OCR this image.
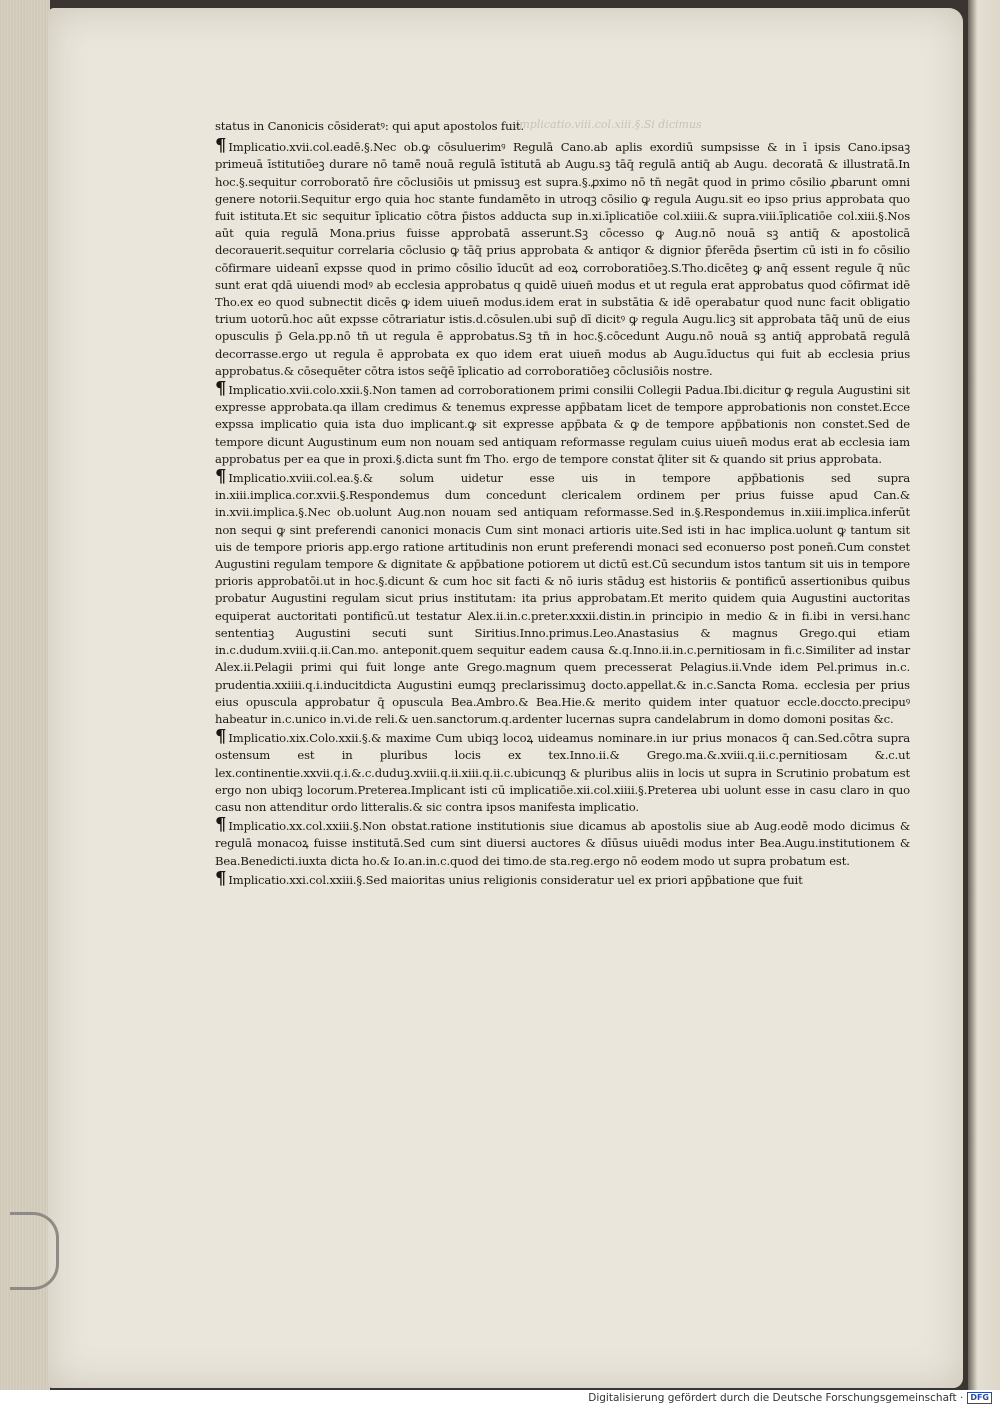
Implicatio.viii.col.xiii.§.Si dicimus

status in Canonicis cōsideratꝰ: qui aput apostolos fuit.

¶ Implicatio.xvii.col.eadē.§.Nec ob.ꝙ cōsuluerimꝰ Regulā Cano.ab aplis exordiū sumpsisse & in ī ipsis Cano.ipsaꝫ primeuā īstitutiōeꝫ durare nō tamē̄ nouā regulā īstitutā ab Augu.sꝫ tāq̄ regulā antiq̄ ab Augu. decoratā & illustratā.In hoc.§.sequitur corroboratō n̄re cōclusiōis ut pmissuꝫ est supra.§.ꝓximo nō tn̄ negāt quod in primo cōsilio ꝓbarunt omni genere notorii.Sequitur ergo quia hoc stante fundamēto in utroqꝫ cōsilio ꝙ regula Augu.sit eo ipso prius approbata quo fuit istituta.Et sic sequitur īplicatio cōtra p̄istos adducta sup in.xi.īplicatiōe col.xiiii.& supra.viii.īplicatiōe col.xiii.§.Nos aūt quia regulā Mona.prius fuisse approbatā asserunt.Sꝫ cōcesso ꝙ Aug.nō nouā sꝫ antiq̄ & apostolicā decorauerit.sequitur correlaria cōclusio ꝙ tāq̄ prius approbata & antiqor & dignior p̄ferēda p̄sertim cū isti in fo cōsilio cōfirmare uideanī expsse quod in primo cōsilio īducūt ad eoꝝ corroboratiōeꝫ.S.Tho.dicēteꝫ ꝙ anq̄ essent regule q̄ nūc sunt erat qdā uiuendi modꝰ ab ecclesia approbatus q quidē uiuen̄ modus et ut regula erat approbatus quod cōfirmat idē Tho.ex eo quod subnectit dicēs ꝙ idem uiuen̄ modus.idem erat in substātia & idē operabatur quod nunc facit obligatio trium uotorū.hoc aūt expsse cōtrariatur istis.d.cōsulen.ubi sup̄ dī dicitꝰ ꝙ regula Augu.licꝫ sit approbata tāq̄ unū de eius opusculis p̄ Gela.pp.nō tn̄ ut regula ē approbatus.Sꝫ tn̄ in hoc.§.cōcedunt Augu.nō nouā sꝫ antiq̄ approbatā regulā decorrasse.ergo ut regula ē approbata ex quo idem erat uiuen̄ modus ab Augu.īductus qui fuit ab ecclesia prius approbatus.& cōsequēter cōtra istos seq̄ē īplicatio ad corroboratiōeꝫ cōclusiōis nostre.

¶ Implicatio.xvii.colo.xxii.§.Non tamen ad corroborationem primi consilii Collegii Padua.Ibi.dicitur ꝙ regula Augustini sit expresse approbata.qa illam credimus & tenemus expresse app̄batam licet de tempore approbationis non constet.Ecce expssa implicatio quia ista duo implicant.ꝙ sit expresse app̄bata & ꝙ de tempore app̄bationis non constet.Sed de tempore dicunt Augustinum eum non nouam sed antiquam reformasse regulam cuius uiuen̄ modus erat ab ecclesia iam approbatus per ea que in proxi.§.dicta sunt fm Tho. ergo de tempore constat q̄liter sit & quando sit prius approbata.

¶ Implicatio.xviii.col.ea.§.& solum uidetur esse uis in tempore app̄bationis sed supra in.xiii.implica.cor.xvii.§.Respondemus dum concedunt clericalem ordinem per prius fuisse apud Can.& in.xvii.implica.§.Nec ob.uolunt Aug.non nouam sed antiquam reformasse.Sed in.§.Respondemus in.xiii.implica.inferūt non sequi ꝙ sint preferendi canonici monacis Cum sint monaci artioris uite.Sed isti in hac implica.uolunt ꝙ tantum sit uis de tempore prioris app.ergo ratione artitudinis non erunt preferendi monaci sed econuerso post ponen̄.Cum constet Augustini regulam tempore & dignitate & app̄batione potiorem ut dictū est.Cū secundum istos tantum sit uis in tempore prioris approbatōi.ut in hoc.§.dicunt & cum hoc sit facti & nō iuris stāduꝫ est historiis & pontificū assertionibus quibus probatur Augustini regulam sicut prius institutam: ita prius approbatam.Et merito quidem quia Augustini auctoritas equiperat auctoritati pontificū.ut testatur Alex.ii.in.c.preter.xxxii.distin.in principio in medio & in fi.ibi in versi.hanc sententiaꝫ Augustini secuti sunt Siritius.Inno.primus.Leo.Anastasius & magnus Grego.qui etiam in.c.dudum.xviii.q.ii.Can.mo. anteponit.quem sequitur eadem causa &.q.Inno.ii.in.c.pernitiosam in fi.c.Similiter ad instar Alex.ii.Pelagii primi qui fuit longe ante Grego.magnum quem precesserat Pelagius.ii.Vnde idem Pel.primus in.c. prudentia.xxiiii.q.i.inducitdicta Augustini eumqꝫ preclarissimuꝫ docto.appellat.& in.c.Sancta Roma. ecclesia per prius eius opuscula approbatur q̄ opuscula Bea.Ambro.& Bea.Hie.& merito quidem inter quatuor eccle.doccto.precipuꝰ habeatur in.c.unico in.vi.de reli.& uen.sanctorum.q.ardenter lucernas supra candelabrum in domo domoni positas &c.

¶ Implicatio.xix.Colo.xxii.§.& maxime Cum ubiqꝫ locoꝝ uideamus nominare.in iur prius monacos q̄ can.Sed.cōtra supra ostensum est in pluribus locis ex tex.Inno.ii.& Grego.ma.&.xviii.q.ii.c.pernitiosam &.c.ut lex.continentie.xxvii.q.i.&.c.duduꝫ.xviii.q.ii.xiii.q.ii.c.ubicunqꝫ & pluribus aliis in locis ut supra in Scrutinio probatum est ergo non ubiqꝫ locorum.Preterea.Implicant isti cū implicatiōe.xii.col.xiiii.§.Preterea ubi uolunt esse in casu claro in quo casu non attenditur ordo litteralis.& sic contra ipsos manifesta implicatio.

¶ Implicatio.xx.col.xxiii.§.Non obstat.ratione institutionis siue dicamus ab apostolis siue ab Aug.eodē modo dicimus & regulā monacoꝝ fuisse institutā.Sed cum sint diuersi auctores & dīūsus uiuēdi modus inter Bea.Augu.institutionem & Bea.Benedicti.iuxta dicta ho.& Io.an.in.c.quod dei timo.de sta.reg.ergo nō eodem modo ut supra probatum est.

¶ Implicatio.xxi.col.xxiii.§.Sed maioritas unius religionis consideratur uel ex priori app̄batione que fuit

Digitalisierung gefördert durch die Deutsche Forschungsgemeinschaft · DFG
